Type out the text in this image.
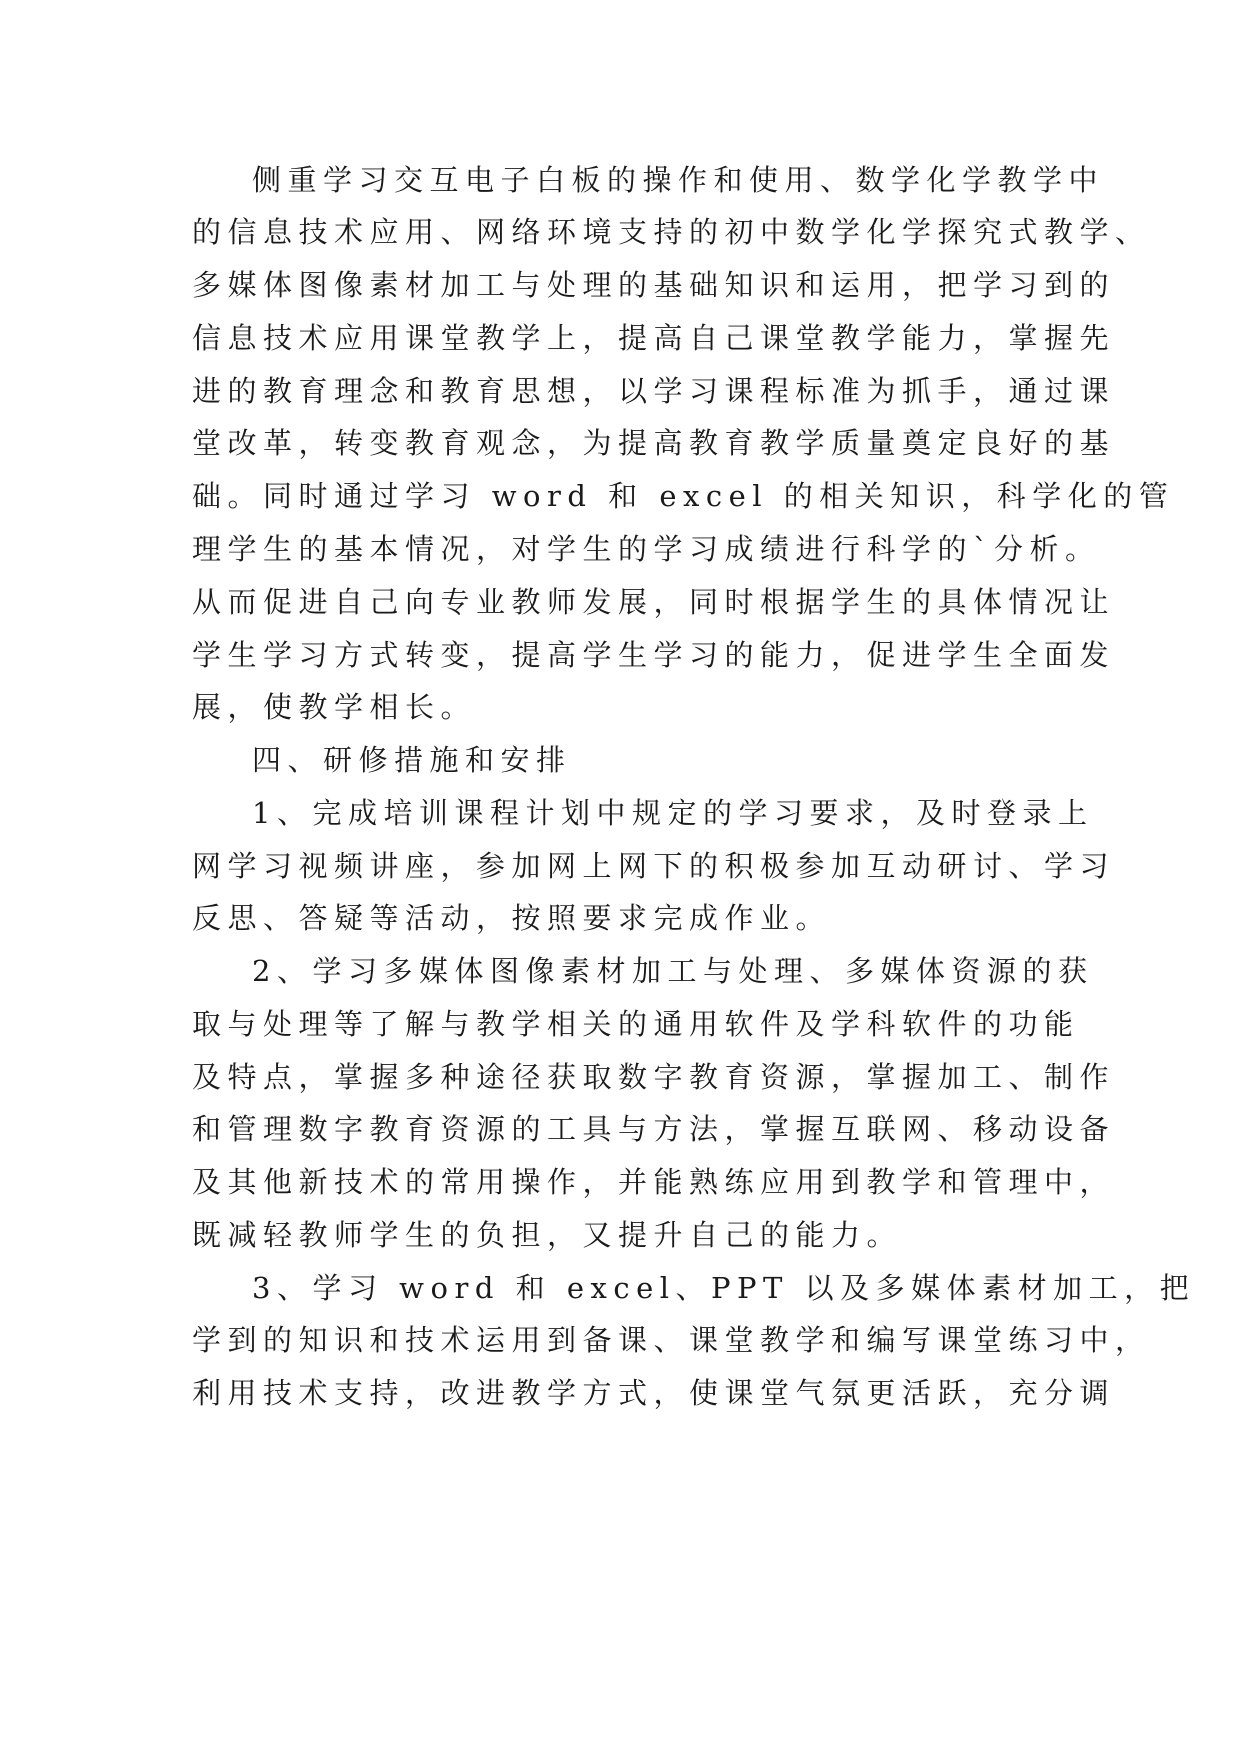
侧重学习交互电子白板的操作和使用、数学化学教学中

的信息技术应用、网络环境支持的初中数学化学探究式教学、

多媒体图像素材加工与处理的基础知识和运用，把学习到的

信息技术应用课堂教学上，提高自己课堂教学能力，掌握先

进的教育理念和教育思想，以学习课程标准为抓手，通过课

堂改革，转变教育观念，为提高教育教学质量奠定良好的基

础。同时通过学习 word 和 excel 的相关知识，科学化的管

理学生的基本情况，对学生的学习成绩进行科学的`分析。

从而促进自己向专业教师发展，同时根据学生的具体情况让

学生学习方式转变，提高学生学习的能力，促进学生全面发

展，使教学相长。

四、研修措施和安排

1、完成培训课程计划中规定的学习要求，及时登录上

网学习视频讲座，参加网上网下的积极参加互动研讨、学习

反思、答疑等活动，按照要求完成作业。

2、学习多媒体图像素材加工与处理、多媒体资源的获

取与处理等了解与教学相关的通用软件及学科软件的功能

及特点，掌握多种途径获取数字教育资源，掌握加工、制作

和管理数字教育资源的工具与方法，掌握互联网、移动设备

及其他新技术的常用操作，并能熟练应用到教学和管理中，

既减轻教师学生的负担，又提升自己的能力。

3、学习 word 和 excel、PPT 以及多媒体素材加工，把

学到的知识和技术运用到备课、课堂教学和编写课堂练习中，

利用技术支持，改进教学方式，使课堂气氛更活跃，充分调
